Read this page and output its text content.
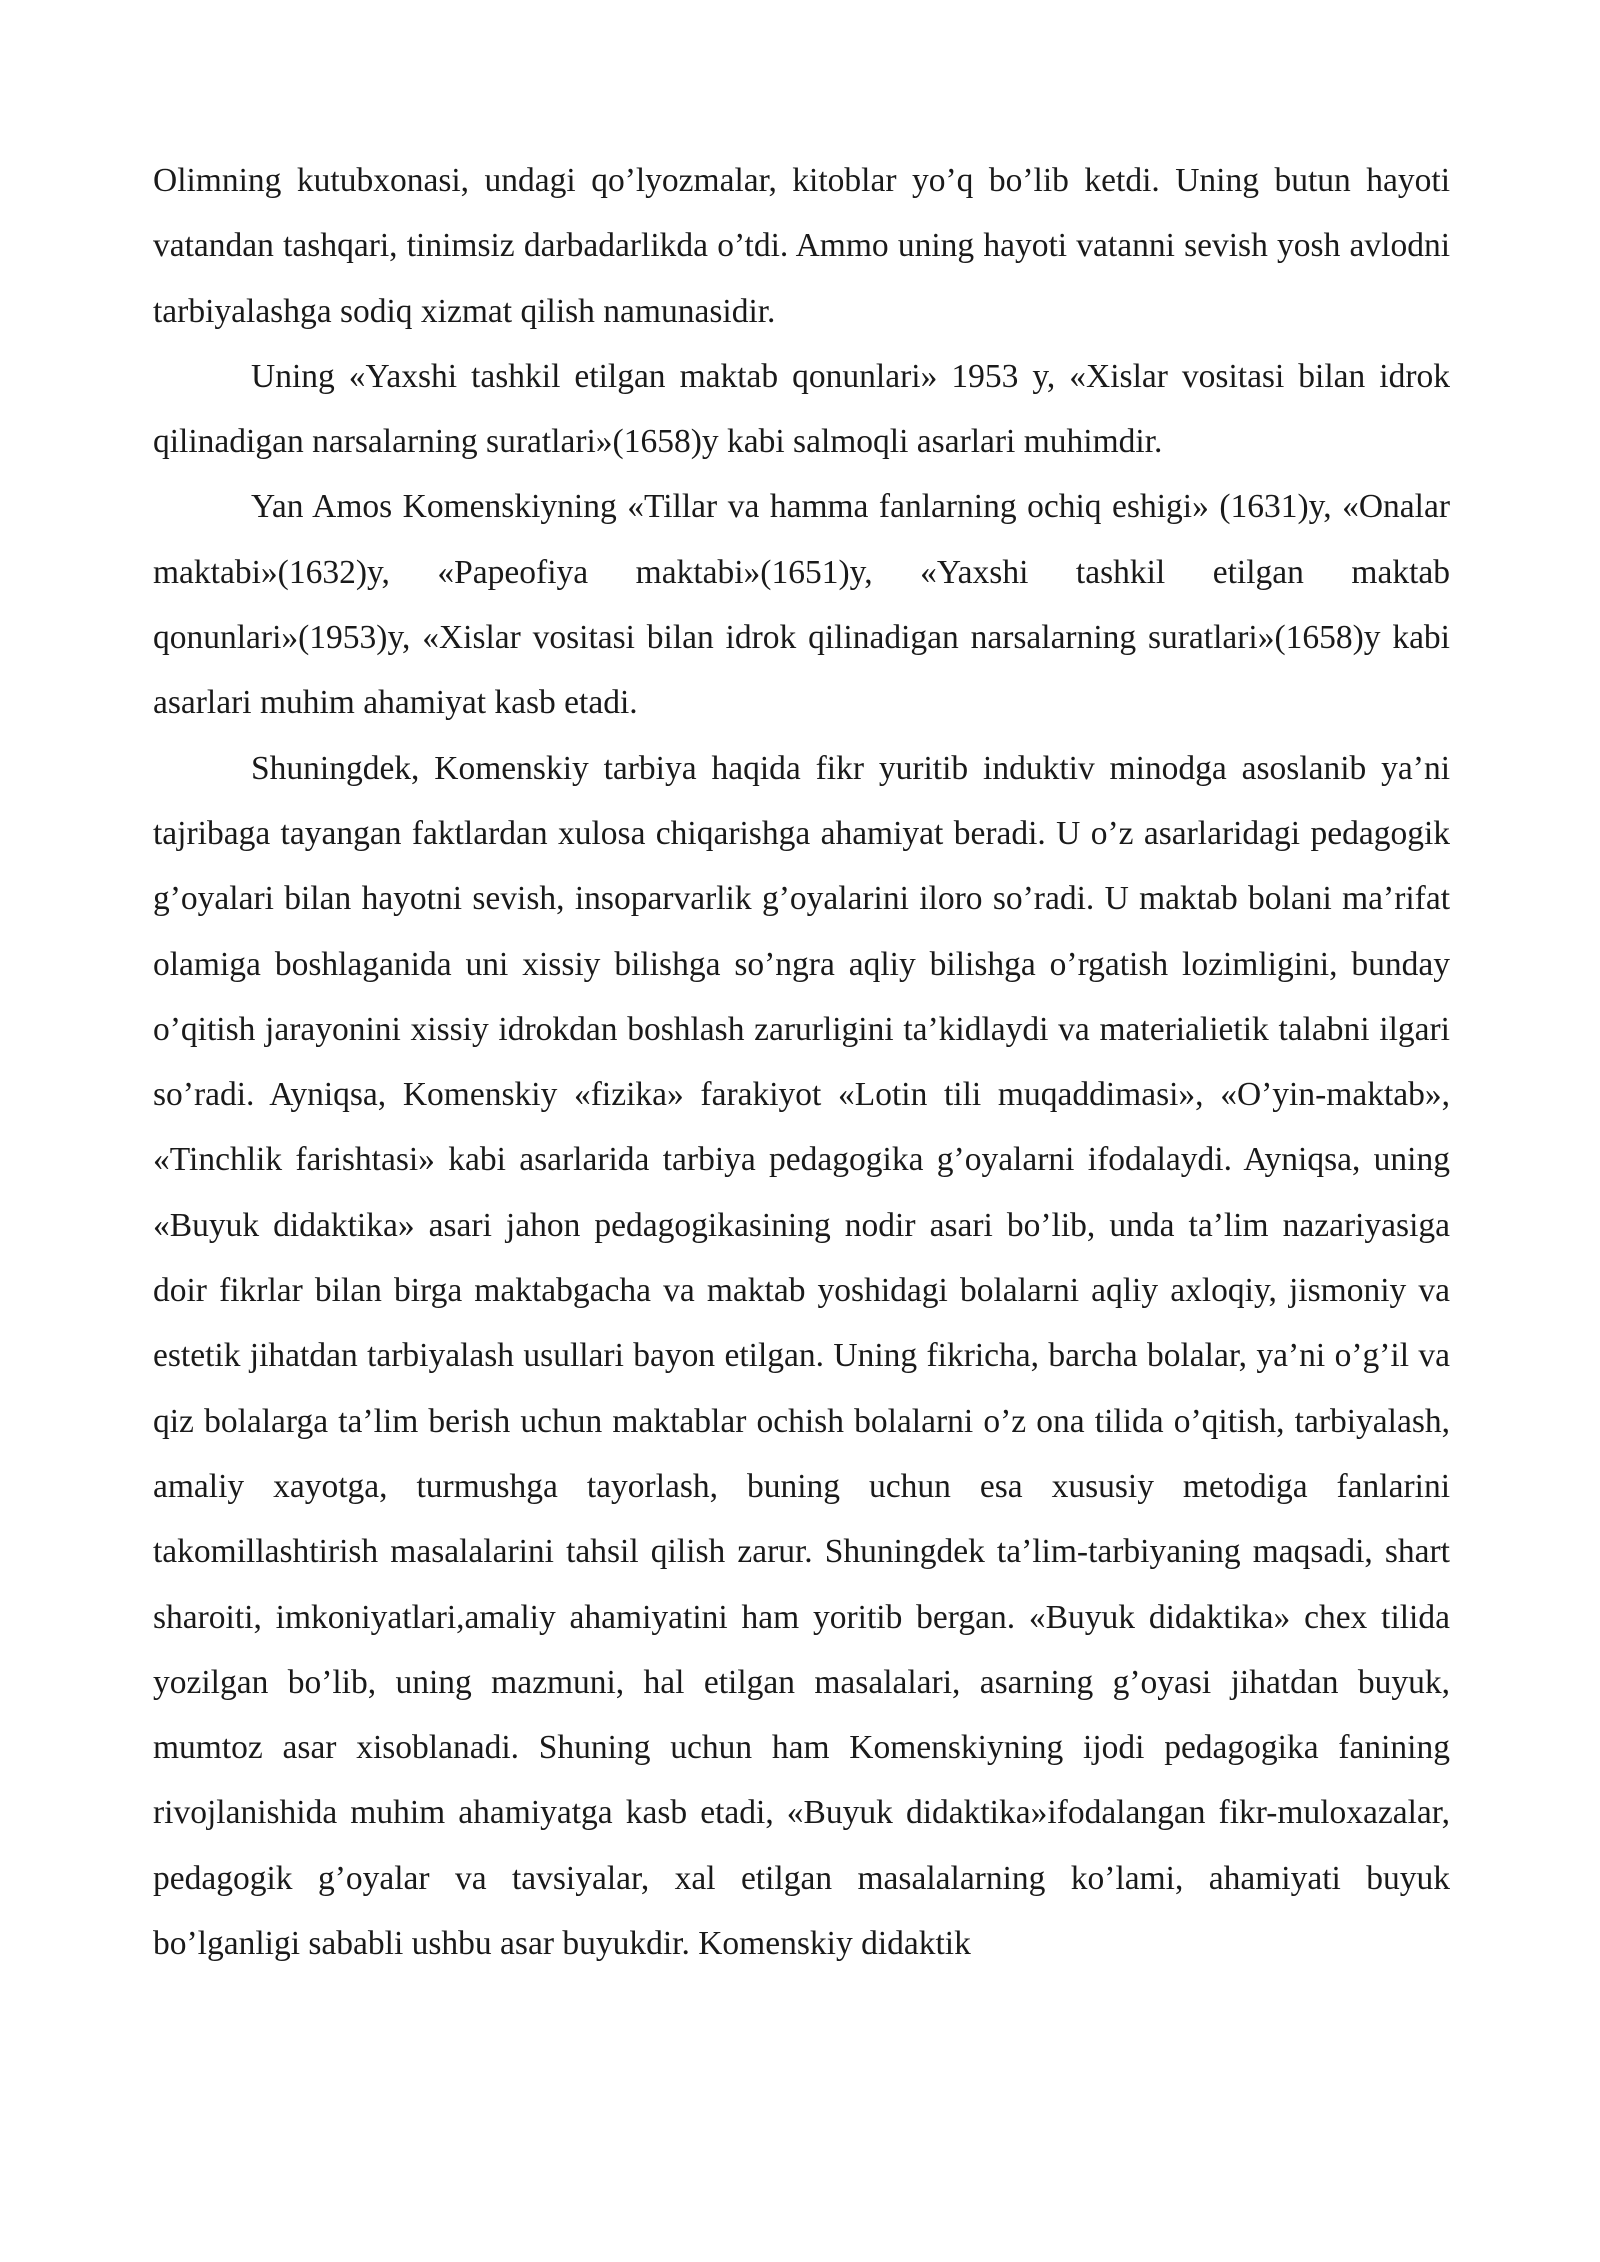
Olimning kutubxonasi, undagi qo’lyozmalar, kitoblar yo’q bo’lib ketdi. Uning butun hayoti vatandan tashqari, tinimsiz darbadarlikda o’tdi. Ammo uning hayoti vatanni sevish yosh avlodni tarbiyalashga sodiq xizmat qilish namunasidir.

Uning «Yaxshi tashkil etilgan maktab qonunlari» 1953 y, «Xislar vositasi bilan idrok qilinadigan narsalarning suratlari»(1658)y kabi salmoqli asarlari muhimdir.

Yan Amos Komenskiyning «Tillar va hamma fanlarning ochiq eshigi» (1631)y, «Onalar maktabi»(1632)y, «Papeofiya maktabi»(1651)y, «Yaxshi tashkil etilgan maktab qonunlari»(1953)y, «Xislar vositasi bilan idrok qilinadigan narsalarning suratlari»(1658)y kabi asarlari muhim ahamiyat kasb etadi.

Shuningdek, Komenskiy tarbiya haqida fikr yuritib induktiv minodga asoslanib ya’ni tajribaga tayangan faktlardan xulosa chiqarishga ahamiyat beradi. U o’z asarlaridagi pedagogik g’oyalari bilan hayotni sevish, insoparvarlik g’oyalarini iloro so’radi. U maktab bolani ma’rifat olamiga boshlaganida uni xissiy bilishga so’ngra aqliy bilishga o’rgatish lozimligini, bunday o’qitish jarayonini xissiy idrokdan boshlash zarurligini ta’kidlaydi va materialietik talabni ilgari so’radi. Ayniqsa, Komenskiy «fizika» farakiyot «Lotin tili muqaddimasi», «O’yin-maktab», «Tinchlik farishtasi» kabi asarlarida tarbiya pedagogika g’oyalarni ifodalaydi. Ayniqsa, uning «Buyuk didaktika» asari jahon pedagogikasining nodir asari bo’lib, unda ta’lim nazariyasiga doir fikrlar bilan birga maktabgacha va maktab yoshidagi bolalarni aqliy axloqiy, jismoniy va estetik jihatdan tarbiyalash usullari bayon etilgan. Uning fikricha, barcha bolalar, ya’ni o’g’il va qiz bolalarga ta’lim berish uchun maktablar ochish bolalarni o’z ona tilida o’qitish, tarbiyalash, amaliy xayotga, turmushga tayorlash, buning uchun esa xususiy metodiga fanlarini takomillashtirish masalalarini tahsil qilish zarur. Shuningdek ta’lim-tarbiyaning maqsadi, shart sharoiti, imkoniyatlari,amaliy ahamiyatini ham yoritib bergan. «Buyuk didaktika» chex tilida yozilgan bo’lib, uning mazmuni, hal etilgan masalalari, asarning g’oyasi jihatdan buyuk, mumtoz asar xisoblanadi. Shuning uchun ham Komenskiyning ijodi pedagogika fanining rivojlanishida muhim ahamiyatga kasb etadi, «Buyuk didaktika»ifodalangan fikr-muloxazalar, pedagogik g’oyalar va tavsiyalar, xal etilgan masalalarning ko’lami, ahamiyati buyuk bo’lganligi sababli ushbu asar buyukdir. Komenskiy didaktik
